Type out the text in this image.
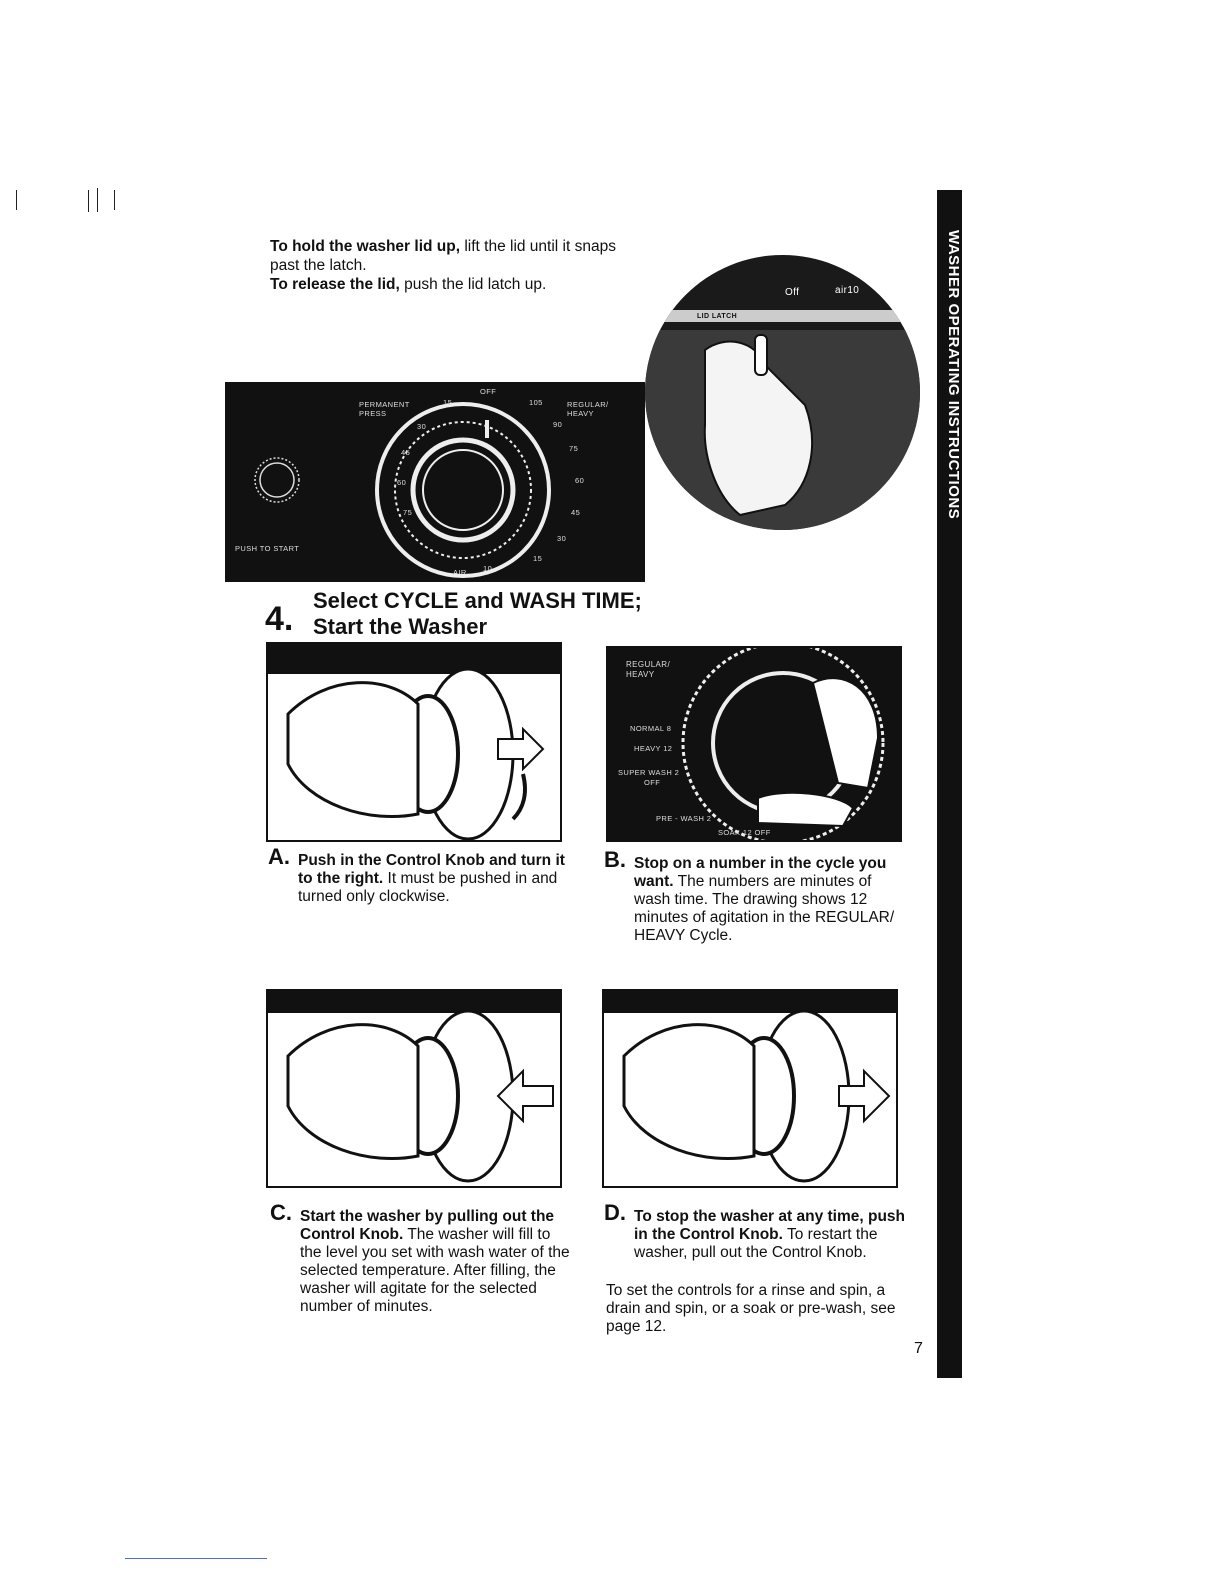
WASHER OPERATING INSTRUCTIONS

To hold the washer lid up, lift the lid until it snaps past the latch.

To release the lid, push the lid latch up.

PUSH TO START
PERMANENT PRESS
REGULAR/ HEAVY
OFF
AIR
15
30
45
60
75
105
90
75
60
45
30
15
10
Off	air10
LID LATCH
4. Select CYCLE and WASH TIME;
Start the Washer
REGULAR/ HEAVY
NORMAL 8
HEAVY 12
SUPER WASH 2
OFF
PRE - WASH 2
SOAK 12 OFF
A. Push in the Control Knob and turn it to the right. It must be pushed in and turned only clockwise.

B. Stop on a number in the cycle you want. The numbers are minutes of wash time. The drawing shows 12 minutes of agitation in the REGULAR/ HEAVY Cycle.

C. Start the washer by pulling out the Control Knob. The washer will fill to the level you set with wash water of the selected temperature. After filling, the washer will agitate for the selected number of minutes.

D. To stop the washer at any time, push in the Control Knob. To restart the washer, pull out the Control Knob.

To set the controls for a rinse and spin, a drain and spin, or a soak or pre-wash, see page 12.

7
